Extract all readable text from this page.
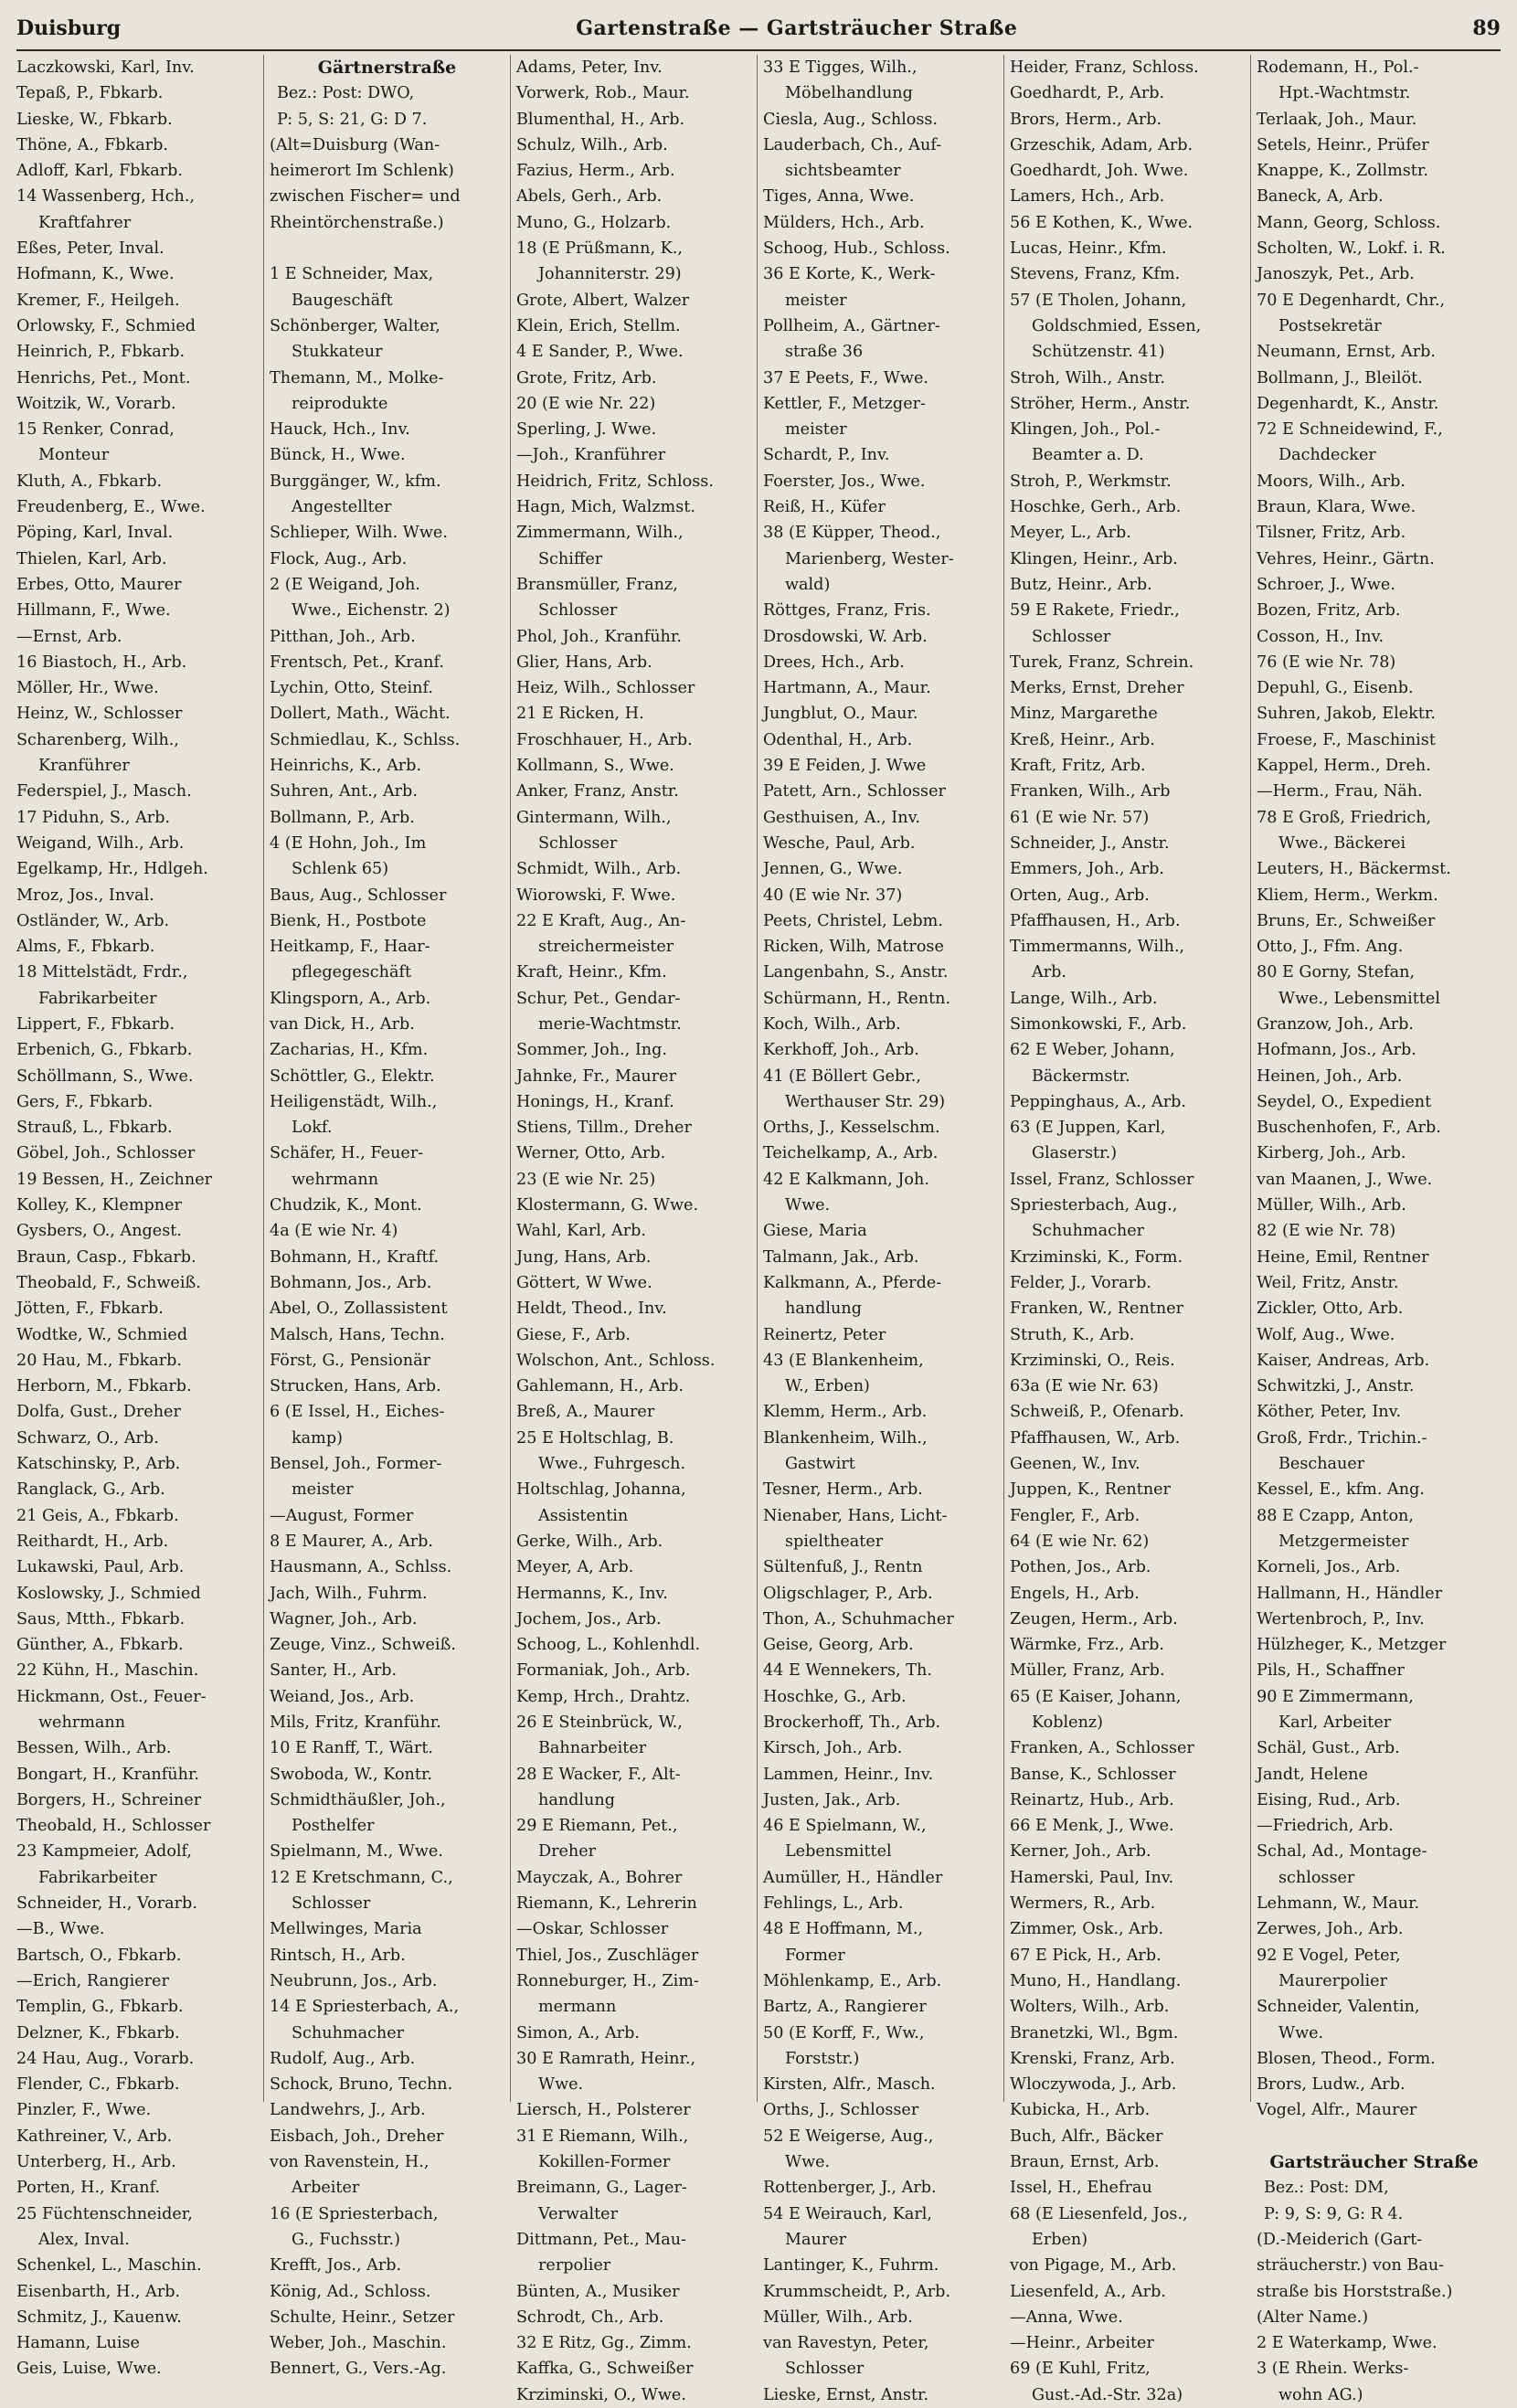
Duisburg	Gartenstraße — Gartsträucher Straße	89
Laczkowski, Karl, Inv.
Tepaß, P., Fbkarb.
Lieske, W., Fbkarb.
Thöne, A., Fbkarb.
Adloff, Karl, Fbkarb.
14 Wassenberg, Hch.,
Kraftfahrer
Eßes, Peter, Inval.
Hofmann, K., Wwe.
Kremer, F., Heilgeh.
Orlowsky, F., Schmied
Heinrich, P., Fbkarb.
Henrichs, Pet., Mont.
Woitzik, W., Vorarb.
15 Renker, Conrad,
Monteur
Kluth, A., Fbkarb.
Freudenberg, E., Wwe.
Pöping, Karl, Inval.
Thielen, Karl, Arb.
Erbes, Otto, Maurer
Hillmann, F., Wwe.
—Ernst, Arb.
16 Biastoch, H., Arb.
Möller, Hr., Wwe.
Heinz, W., Schlosser
Scharenberg, Wilh.,
Kranführer
Federspiel, J., Masch.
17 Piduhn, S., Arb.
Weigand, Wilh., Arb.
Egelkamp, Hr., Hdlgeh.
Mroz, Jos., Inval.
Ostländer, W., Arb.
Alms, F., Fbkarb.
18 Mittelstädt, Frdr.,
Fabrikarbeiter
Lippert, F., Fbkarb.
Erbenich, G., Fbkarb.
Schöllmann, S., Wwe.
Gers, F., Fbkarb.
Strauß, L., Fbkarb.
Göbel, Joh., Schlosser
19 Bessen, H., Zeichner
Kolley, K., Klempner
Gysbers, O., Angest.
Braun, Casp., Fbkarb.
Theobald, F., Schweiß.
Jötten, F., Fbkarb.
Wodtke, W., Schmied
20 Hau, M., Fbkarb.
Herborn, M., Fbkarb.
Dolfa, Gust., Dreher
Schwarz, O., Arb.
Katschinsky, P., Arb.
Ranglack, G., Arb.
21 Geis, A., Fbkarb.
Reithardt, H., Arb.
Lukawski, Paul, Arb.
Koslowsky, J., Schmied
Saus, Mtth., Fbkarb.
Günther, A., Fbkarb.
22 Kühn, H., Maschin.
Hickmann, Ost., Feuer-
wehrmann
Bessen, Wilh., Arb.
Bongart, H., Kranführ.
Borgers, H., Schreiner
Theobald, H., Schlosser
23 Kampmeier, Adolf,
Fabrikarbeiter
Schneider, H., Vorarb.
—B., Wwe.
Bartsch, O., Fbkarb.
—Erich, Rangierer
Templin, G., Fbkarb.
Delzner, K., Fbkarb.
24 Hau, Aug., Vorarb.
Flender, C., Fbkarb.
Pinzler, F., Wwe.
Kathreiner, V., Arb.
Unterberg, H., Arb.
Porten, H., Kranf.
25 Füchtenschneider,
Alex, Inval.
Schenkel, L., Maschin.
Eisenbarth, H., Arb.
Schmitz, J., Kauenw.
Hamann, Luise
Geis, Luise, Wwe.
Gärtnerstraße
Bez.: Post: DWO,
P: 5, S: 21, G: D 7.
(Alt=Duisburg (Wan-
heimerort Im Schlenk)
zwischen Fischer= und
Rheintörchenstraße.)
1 E Schneider, Max,
Baugeschäft
Schönberger, Walter,
Stukkateur
Themann, M., Molke-
reiprodukte
Hauck, Hch., Inv.
Bünck, H., Wwe.
Burggänger, W., kfm.
Angestellter
Schlieper, Wilh. Wwe.
Flock, Aug., Arb.
2 (E Weigand, Joh.
Wwe., Eichenstr. 2)
Pitthan, Joh., Arb.
Frentsch, Pet., Kranf.
Lychin, Otto, Steinf.
Dollert, Math., Wächt.
Schmiedlau, K., Schlss.
Heinrichs, K., Arb.
Suhren, Ant., Arb.
Bollmann, P., Arb.
4 (E Hohn, Joh., Im
Schlenk 65)
Baus, Aug., Schlosser
Bienk, H., Postbote
Heitkamp, F., Haar-
pflegegeschäft
Klingsporn, A., Arb.
van Dick, H., Arb.
Zacharias, H., Kfm.
Schöttler, G., Elektr.
Heiligenstädt, Wilh.,
Lokf.
Schäfer, H., Feuer-
wehrmann
Chudzik, K., Mont.
4a (E wie Nr. 4)
Bohmann, H., Kraftf.
Bohmann, Jos., Arb.
Abel, O., Zollassistent
Malsch, Hans, Techn.
Först, G., Pensionär
Strucken, Hans, Arb.
6 (E Issel, H., Eiches-
kamp)
Bensel, Joh., Former-
meister
—August, Former
8 E Maurer, A., Arb.
Hausmann, A., Schlss.
Jach, Wilh., Fuhrm.
Wagner, Joh., Arb.
Zeuge, Vinz., Schweiß.
Santer, H., Arb.
Weiand, Jos., Arb.
Mils, Fritz, Kranführ.
10 E Ranff, T., Wärt.
Swoboda, W., Kontr.
Schmidthäußler, Joh.,
Posthelfer
Spielmann, M., Wwe.
12 E Kretschmann, C.,
Schlosser
Mellwinges, Maria
Rintsch, H., Arb.
Neubrunn, Jos., Arb.
14 E Spriesterbach, A.,
Schuhmacher
Rudolf, Aug., Arb.
Schock, Bruno, Techn.
Landwehrs, J., Arb.
Eisbach, Joh., Dreher
von Ravenstein, H.,
Arbeiter
16 (E Spriesterbach,
G., Fuchsstr.)
Krefft, Jos., Arb.
König, Ad., Schloss.
Schulte, Heinr., Setzer
Weber, Joh., Maschin.
Bennert, G., Vers.-Ag.
Adams, Peter, Inv.
Vorwerk, Rob., Maur.
Blumenthal, H., Arb.
Schulz, Wilh., Arb.
Fazius, Herm., Arb.
Abels, Gerh., Arb.
Muno, G., Holzarb.
18 (E Prüßmann, K.,
Johanniterstr. 29)
Grote, Albert, Walzer
Klein, Erich, Stellm.
4 E Sander, P., Wwe.
Grote, Fritz, Arb.
20 (E wie Nr. 22)
Sperling, J. Wwe.
—Joh., Kranführer
Heidrich, Fritz, Schloss.
Hagn, Mich, Walzmst.
Zimmermann, Wilh.,
Schiffer
Bransmüller, Franz,
Schlosser
Phol, Joh., Kranführ.
Glier, Hans, Arb.
Heiz, Wilh., Schlosser
21 E Ricken, H.
Froschhauer, H., Arb.
Kollmann, S., Wwe.
Anker, Franz, Anstr.
Gintermann, Wilh.,
Schlosser
Schmidt, Wilh., Arb.
Wiorowski, F. Wwe.
22 E Kraft, Aug., An-
streichermeister
Kraft, Heinr., Kfm.
Schur, Pet., Gendar-
merie-Wachtmstr.
Sommer, Joh., Ing.
Jahnke, Fr., Maurer
Honings, H., Kranf.
Stiens, Tillm., Dreher
Werner, Otto, Arb.
23 (E wie Nr. 25)
Klostermann, G. Wwe.
Wahl, Karl, Arb.
Jung, Hans, Arb.
Göttert, W Wwe.
Heldt, Theod., Inv.
Giese, F., Arb.
Wolschon, Ant., Schloss.
Gahlemann, H., Arb.
Breß, A., Maurer
25 E Holtschlag, B.
Wwe., Fuhrgesch.
Holtschlag, Johanna,
Assistentin
Gerke, Wilh., Arb.
Meyer, A, Arb.
Hermanns, K., Inv.
Jochem, Jos., Arb.
Schoog, L., Kohlenhdl.
Formaniak, Joh., Arb.
Kemp, Hrch., Drahtz.
26 E Steinbrück, W.,
Bahnarbeiter
28 E Wacker, F., Alt-
handlung
29 E Riemann, Pet.,
Dreher
Mayczak, A., Bohrer
Riemann, K., Lehrerin
—Oskar, Schlosser
Thiel, Jos., Zuschläger
Ronneburger, H., Zim-
mermann
Simon, A., Arb.
30 E Ramrath, Heinr.,
Wwe.
Liersch, H., Polsterer
31 E Riemann, Wilh.,
Kokillen-Former
Breimann, G., Lager-
Verwalter
Dittmann, Pet., Mau-
rerpolier
Bünten, A., Musiker
Schrodt, Ch., Arb.
32 E Ritz, Gg., Zimm.
Kaffka, G., Schweißer
Krziminski, O., Wwe.
33 E Tigges, Wilh.,
Möbelhandlung
Ciesla, Aug., Schloss.
Lauderbach, Ch., Auf-
sichtsbeamter
Tiges, Anna, Wwe.
Mülders, Hch., Arb.
Schoog, Hub., Schloss.
36 E Korte, K., Werk-
meister
Pollheim, A., Gärtner-
straße 36
37 E Peets, F., Wwe.
Kettler, F., Metzger-
meister
Schardt, P., Inv.
Foerster, Jos., Wwe.
Reiß, H., Küfer
38 (E Küpper, Theod.,
Marienberg, Wester-
wald)
Röttges, Franz, Fris.
Drosdowski, W. Arb.
Drees, Hch., Arb.
Hartmann, A., Maur.
Jungblut, O., Maur.
Odenthal, H., Arb.
39 E Feiden, J. Wwe
Patett, Arn., Schlosser
Gesthuisen, A., Inv.
Wesche, Paul, Arb.
Jennen, G., Wwe.
40 (E wie Nr. 37)
Peets, Christel, Lebm.
Ricken, Wilh, Matrose
Langenbahn, S., Anstr.
Schürmann, H., Rentn.
Koch, Wilh., Arb.
Kerkhoff, Joh., Arb.
41 (E Böllert Gebr.,
Werthauser Str. 29)
Orths, J., Kesselschm.
Teichelkamp, A., Arb.
42 E Kalkmann, Joh.
Wwe.
Giese, Maria
Talmann, Jak., Arb.
Kalkmann, A., Pferde-
handlung
Reinertz, Peter
43 (E Blankenheim,
W., Erben)
Klemm, Herm., Arb.
Blankenheim, Wilh.,
Gastwirt
Tesner, Herm., Arb.
Nienaber, Hans, Licht-
spieltheater
Sültenfuß, J., Rentn
Oligschlager, P., Arb.
Thon, A., Schuhmacher
Geise, Georg, Arb.
44 E Wennekers, Th.
Hoschke, G., Arb.
Brockerhoff, Th., Arb.
Kirsch, Joh., Arb.
Lammen, Heinr., Inv.
Justen, Jak., Arb.
46 E Spielmann, W.,
Lebensmittel
Aumüller, H., Händler
Fehlings, L., Arb.
48 E Hoffmann, M.,
Former
Möhlenkamp, E., Arb.
Bartz, A., Rangierer
50 (E Korff, F., Ww.,
Forststr.)
Kirsten, Alfr., Masch.
Orths, J., Schlosser
52 E Weigerse, Aug.,
Wwe.
Rottenberger, J., Arb.
54 E Weirauch, Karl,
Maurer
Lantinger, K., Fuhrm.
Krummscheidt, P., Arb.
Müller, Wilh., Arb.
van Ravestyn, Peter,
Schlosser
Lieske, Ernst, Anstr.
Heider, Franz, Schloss.
Goedhardt, P., Arb.
Brors, Herm., Arb.
Grzeschik, Adam, Arb.
Goedhardt, Joh. Wwe.
Lamers, Hch., Arb.
56 E Kothen, K., Wwe.
Lucas, Heinr., Kfm.
Stevens, Franz, Kfm.
57 (E Tholen, Johann,
Goldschmied, Essen,
Schützenstr. 41)
Stroh, Wilh., Anstr.
Ströher, Herm., Anstr.
Klingen, Joh., Pol.-
Beamter a. D.
Stroh, P., Werkmstr.
Hoschke, Gerh., Arb.
Meyer, L., Arb.
Klingen, Heinr., Arb.
Butz, Heinr., Arb.
59 E Rakete, Friedr.,
Schlosser
Turek, Franz, Schrein.
Merks, Ernst, Dreher
Minz, Margarethe
Kreß, Heinr., Arb.
Kraft, Fritz, Arb.
Franken, Wilh., Arb
61 (E wie Nr. 57)
Schneider, J., Anstr.
Emmers, Joh., Arb.
Orten, Aug., Arb.
Pfaffhausen, H., Arb.
Timmermanns, Wilh.,
Arb.
Lange, Wilh., Arb.
Simonkowski, F., Arb.
62 E Weber, Johann,
Bäckermstr.
Peppinghaus, A., Arb.
63 (E Juppen, Karl,
Glaserstr.)
Issel, Franz, Schlosser
Spriesterbach, Aug.,
Schuhmacher
Krziminski, K., Form.
Felder, J., Vorarb.
Franken, W., Rentner
Struth, K., Arb.
Krziminski, O., Reis.
63a (E wie Nr. 63)
Schweiß, P., Ofenarb.
Pfaffhausen, W., Arb.
Geenen, W., Inv.
Juppen, K., Rentner
Fengler, F., Arb.
64 (E wie Nr. 62)
Pothen, Jos., Arb.
Engels, H., Arb.
Zeugen, Herm., Arb.
Wärmke, Frz., Arb.
Müller, Franz, Arb.
65 (E Kaiser, Johann,
Koblenz)
Franken, A., Schlosser
Banse, K., Schlosser
Reinartz, Hub., Arb.
66 E Menk, J., Wwe.
Kerner, Joh., Arb.
Hamerski, Paul, Inv.
Wermers, R., Arb.
Zimmer, Osk., Arb.
67 E Pick, H., Arb.
Muno, H., Handlang.
Wolters, Wilh., Arb.
Branetzki, Wl., Bgm.
Krenski, Franz, Arb.
Wloczywoda, J., Arb.
Kubicka, H., Arb.
Buch, Alfr., Bäcker
Braun, Ernst, Arb.
Issel, H., Ehefrau
68 (E Liesenfeld, Jos.,
Erben)
von Pigage, M., Arb.
Liesenfeld, A., Arb.
—Anna, Wwe.
—Heinr., Arbeiter
69 (E Kuhl, Fritz,
Gust.-Ad.-Str. 32a)
Rodemann, H., Pol.-
Hpt.-Wachtmstr.
Terlaak, Joh., Maur.
Setels, Heinr., Prüfer
Knappe, K., Zollmstr.
Baneck, A, Arb.
Mann, Georg, Schloss.
Scholten, W., Lokf. i. R.
Janoszyk, Pet., Arb.
70 E Degenhardt, Chr.,
Postsekretär
Neumann, Ernst, Arb.
Bollmann, J., Bleilöt.
Degenhardt, K., Anstr.
72 E Schneidewind, F.,
Dachdecker
Moors, Wilh., Arb.
Braun, Klara, Wwe.
Tilsner, Fritz, Arb.
Vehres, Heinr., Gärtn.
Schroer, J., Wwe.
Bozen, Fritz, Arb.
Cosson, H., Inv.
76 (E wie Nr. 78)
Depuhl, G., Eisenb.
Suhren, Jakob, Elektr.
Froese, F., Maschinist
Kappel, Herm., Dreh.
—Herm., Frau, Näh.
78 E Groß, Friedrich,
Wwe., Bäckerei
Leuters, H., Bäckermst.
Kliem, Herm., Werkm.
Bruns, Er., Schweißer
Otto, J., Ffm. Ang.
80 E Gorny, Stefan,
Wwe., Lebensmittel
Granzow, Joh., Arb.
Hofmann, Jos., Arb.
Heinen, Joh., Arb.
Seydel, O., Expedient
Buschenhofen, F., Arb.
Kirberg, Joh., Arb.
van Maanen, J., Wwe.
Müller, Wilh., Arb.
82 (E wie Nr. 78)
Heine, Emil, Rentner
Weil, Fritz, Anstr.
Zickler, Otto, Arb.
Wolf, Aug., Wwe.
Kaiser, Andreas, Arb.
Schwitzki, J., Anstr.
Köther, Peter, Inv.
Groß, Frdr., Trichin.-
Beschauer
Kessel, E., kfm. Ang.
88 E Czapp, Anton,
Metzgermeister
Korneli, Jos., Arb.
Hallmann, H., Händler
Wertenbroch, P., Inv.
Hülzheger, K., Metzger
Pils, H., Schaffner
90 E Zimmermann,
Karl, Arbeiter
Schäl, Gust., Arb.
Jandt, Helene
Eising, Rud., Arb.
—Friedrich, Arb.
Schal, Ad., Montage-
schlosser
Lehmann, W., Maur.
Zerwes, Joh., Arb.
92 E Vogel, Peter,
Maurerpolier
Schneider, Valentin,
Wwe.
Blosen, Theod., Form.
Brors, Ludw., Arb.
Vogel, Alfr., Maurer
Gartsträucher Straße
Bez.: Post: DM,
P: 9, S: 9, G: R 4.
(D.-Meiderich (Gart-
sträucherstr.) von Bau-
straße bis Horststraße.)
(Alter Name.)
2 E Waterkamp, Wwe.
3 (E Rhein. Werks-
wohn AG.)
